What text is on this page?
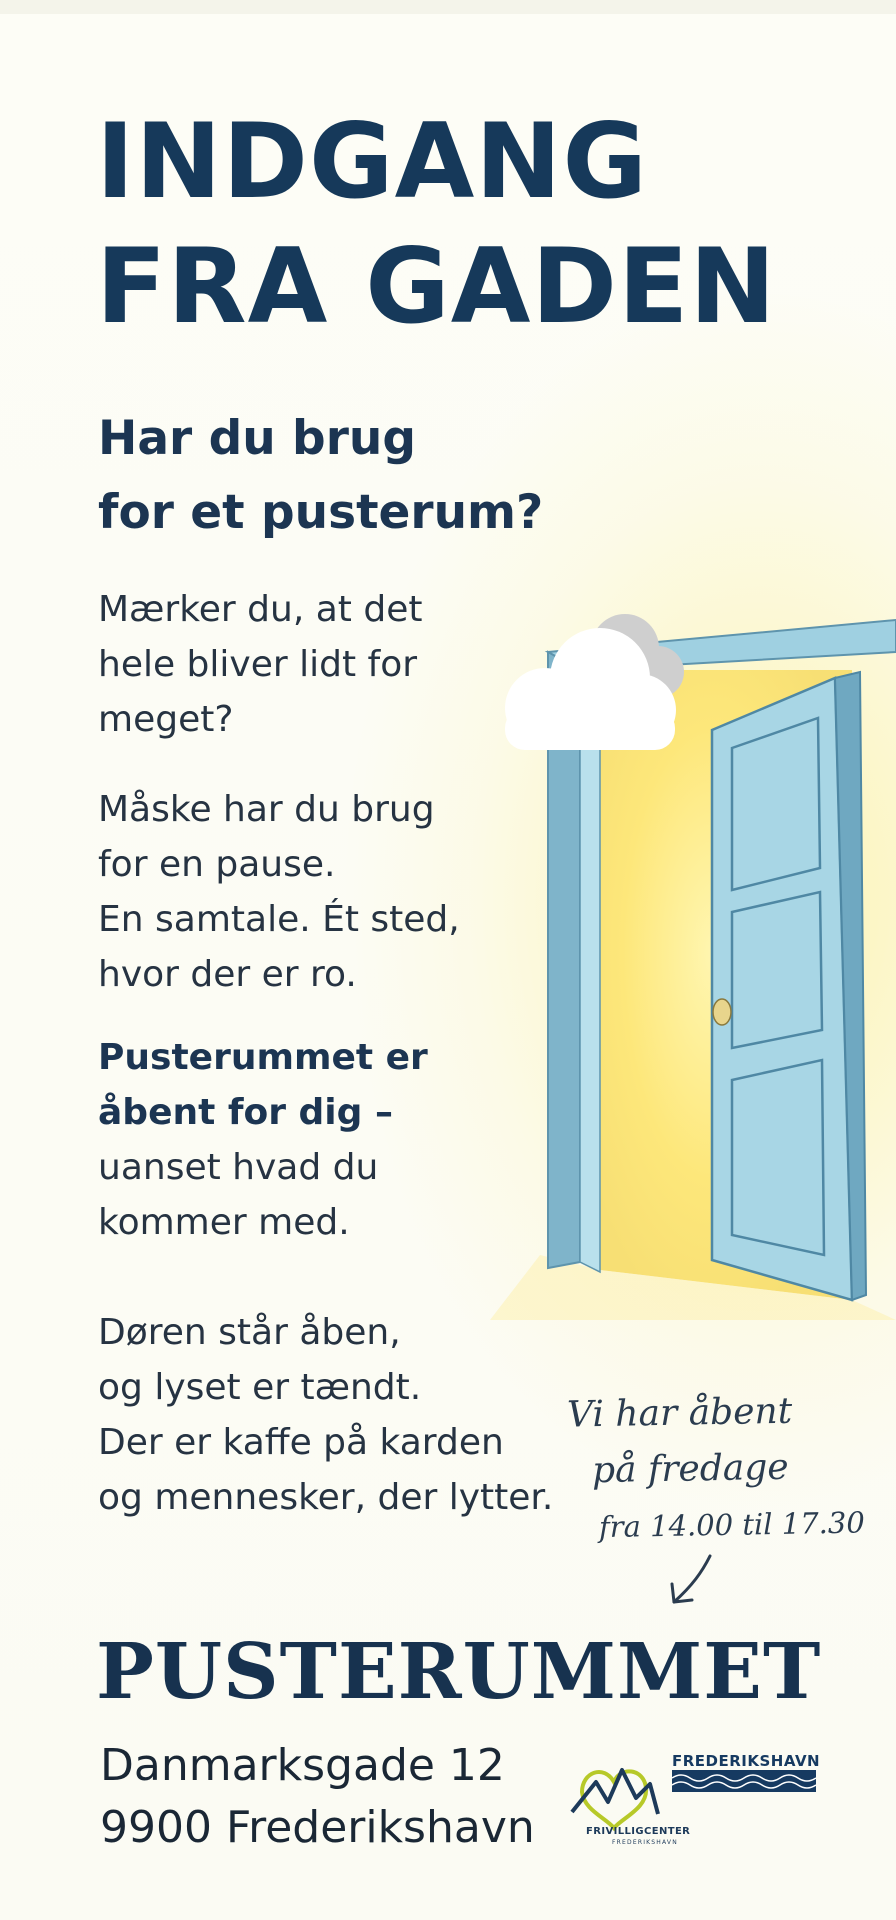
INDGANG
FRA GADEN
Har du brug
for et pusterum?

Mærker du, at det
hele bliver lidt for
meget?

Måske har du brug
for en pause.
En samtale. Ét sted,
hvor der er ro.

Pusterummet er
åbent for dig –
uanset hvad du
kommer med.

Døren står åben,
og lyset er tændt.
Der er kaffe på karden
og mennesker, der lytter.

Vi har åbent
på fredage
fra 14.00 til 17.30
PUSTERUMMET
Danmarksgade 12
9900 Frederikshavn	FRIVILLIGCENTER
FREDERIKSHAVN
FREDERIKSHAVN
